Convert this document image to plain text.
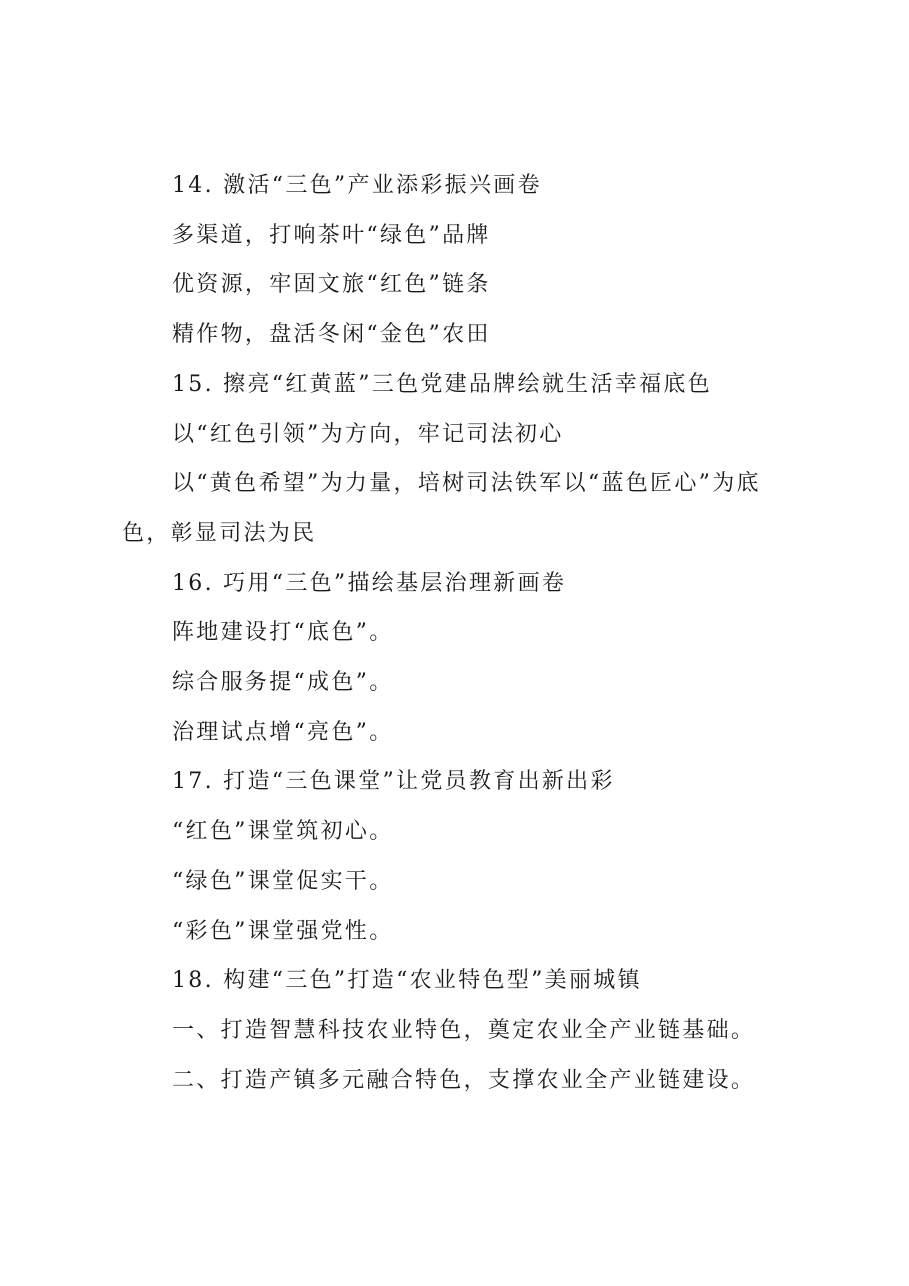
14. 激活“三色”产业添彩振兴画卷

多渠道，打响茶叶“绿色”品牌

优资源，牢固文旅“红色”链条

精作物，盘活冬闲“金色”农田

15. 擦亮“红黄蓝”三色党建品牌绘就生活幸福底色

以“红色引领”为方向，牢记司法初心

以“黄色希望”为力量，培树司法铁军以“蓝色匠心”为底色，彰显司法为民

16. 巧用“三色”描绘基层治理新画卷

阵地建设打“底色”。

综合服务提“成色”。

治理试点增“亮色”。

17. 打造“三色课堂”让党员教育出新出彩

“红色”课堂筑初心。

“绿色”课堂促实干。

“彩色”课堂强党性。

18. 构建“三色”打造“农业特色型”美丽城镇

一、打造智慧科技农业特色，奠定农业全产业链基础。

二、打造产镇多元融合特色，支撑农业全产业链建设。
